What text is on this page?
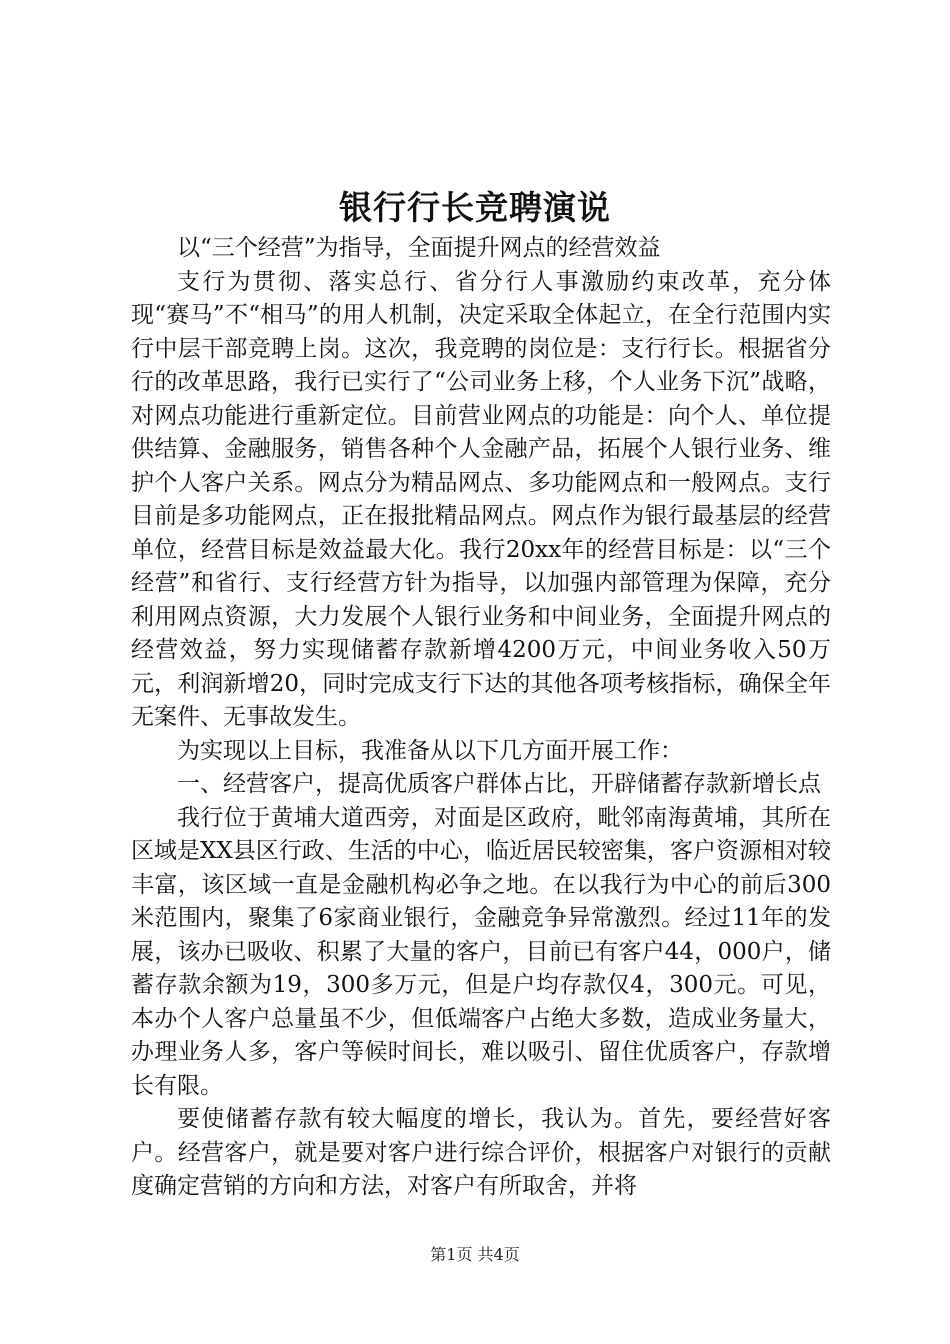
银行行长竞聘演说

以“三个经营”为指导，全面提升网点的经营效益

支行为贯彻、落实总行、省分行人事激励约束改革，充分体现“赛马”不“相马”的用人机制，决定采取全体起立，在全行范围内实行中层干部竞聘上岗。这次，我竞聘的岗位是：支行行长。根据省分行的改革思路，我行已实行了“公司业务上移，个人业务下沉”战略，对网点功能进行重新定位。目前营业网点的功能是：向个人、单位提供结算、金融服务，销售各种个人金融产品，拓展个人银行业务、维护个人客户关系。网点分为精品网点、多功能网点和一般网点。支行目前是多功能网点，正在报批精品网点。网点作为银行最基层的经营单位，经营目标是效益最大化。我行20xx年的经营目标是：以“三个经营”和省行、支行经营方针为指导，以加强内部管理为保障，充分利用网点资源，大力发展个人银行业务和中间业务，全面提升网点的经营效益，努力实现储蓄存款新增4200万元，中间业务收入50万元，利润新增20，同时完成支行下达的其他各项考核指标，确保全年无案件、无事故发生。

为实现以上目标，我准备从以下几方面开展工作：

一、经营客户，提高优质客户群体占比，开辟储蓄存款新增长点

我行位于黄埔大道西旁，对面是区政府，毗邻南海黄埔，其所在区域是XX县区行政、生活的中心，临近居民较密集，客户资源相对较丰富，该区域一直是金融机构必争之地。在以我行为中心的前后300米范围内，聚集了6家商业银行，金融竞争异常激烈。经过11年的发展，该办已吸收、积累了大量的客户，目前已有客户44，000户，储蓄存款余额为19，300多万元，但是户均存款仅4，300元。可见，本办个人客户总量虽不少，但低端客户占绝大多数，造成业务量大，办理业务人多，客户等候时间长，难以吸引、留住优质客户，存款增长有限。

要使储蓄存款有较大幅度的增长，我认为。首先，要经营好客户。经营客户，就是要对客户进行综合评价，根据客户对银行的贡献度确定营销的方向和方法，对客户有所取舍，并将

第1页 共4页
